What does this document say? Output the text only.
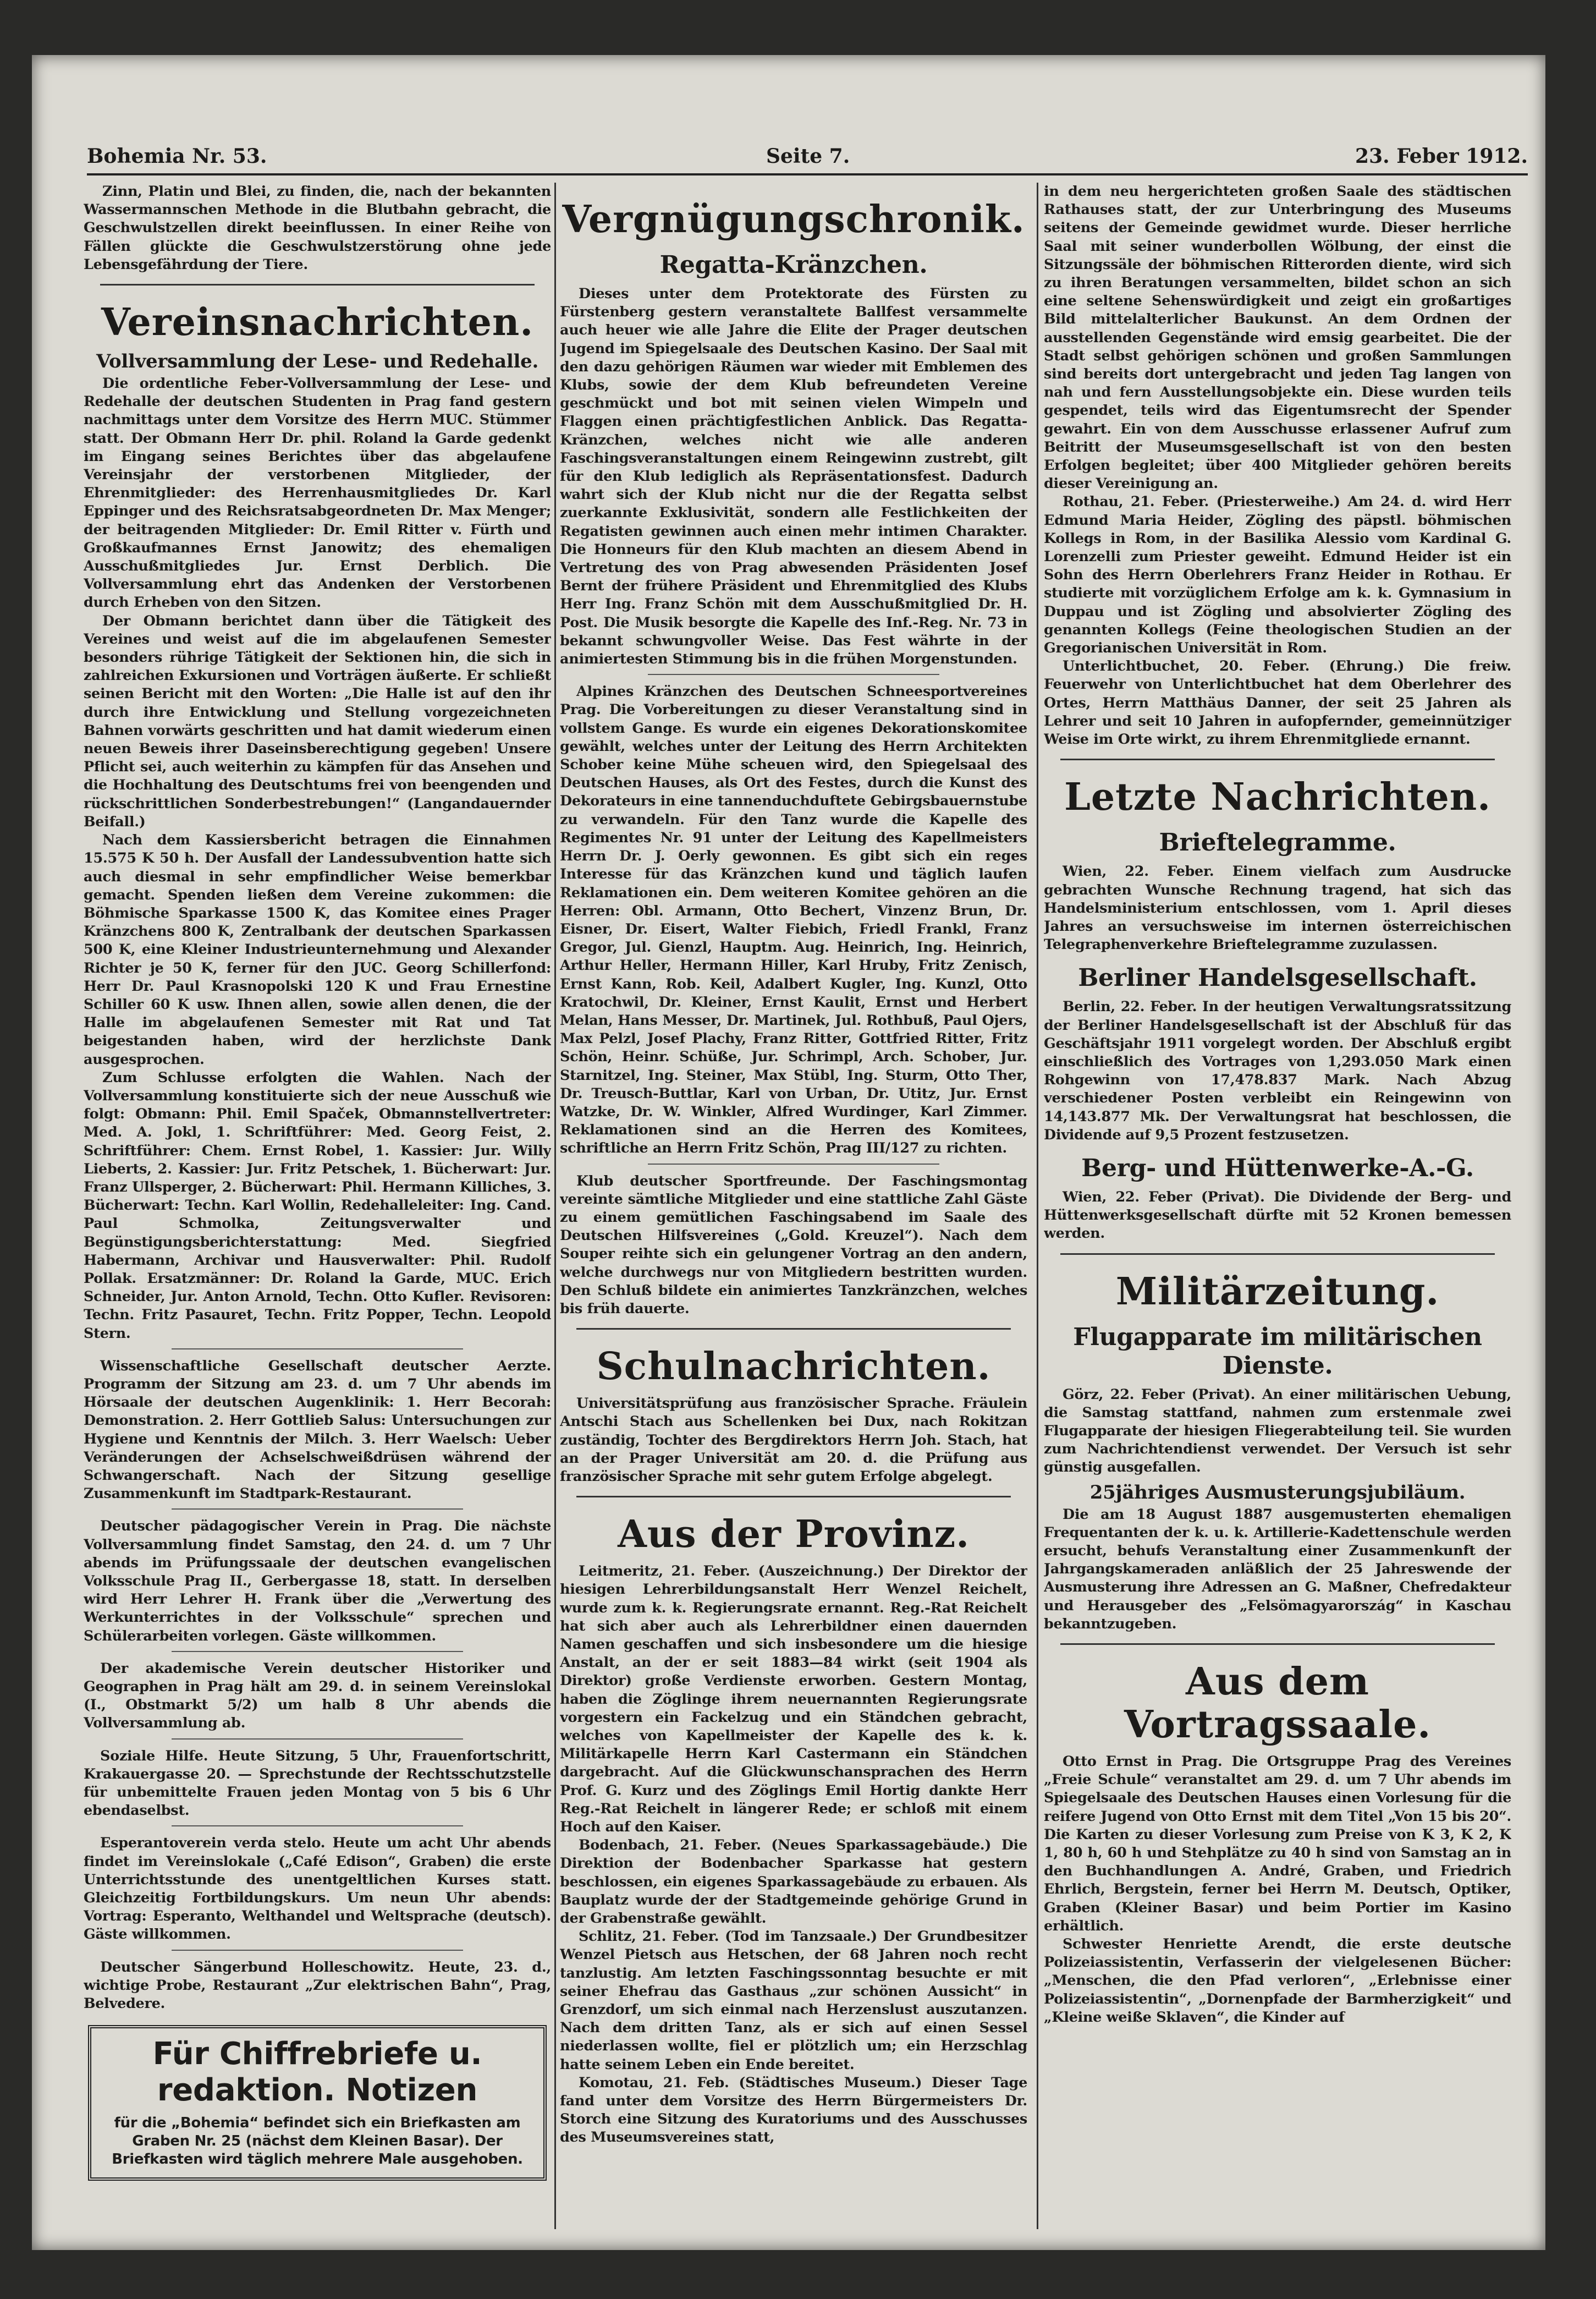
Bohemia Nr. 53.	Seite 7.	23. Feber 1912.

Zinn, Platin und Blei, zu finden, die, nach der bekannten Wassermannschen Methode in die Blutbahn gebracht, die Geschwulstzellen direkt beeinflussen. In einer Reihe von Fällen glückte die Geschwulstzerstörung ohne jede Lebensgefährdung der Tiere.

Vereinsnachrichten.
Vollversammlung der Lese- und Redehalle.

Die ordentliche Feber-Vollversammlung der Lese- und Redehalle der deutschen Studenten in Prag fand gestern nachmittags unter dem Vorsitze des Herrn MUC. Stümmer statt. Der Obmann Herr Dr. phil. Roland la Garde gedenkt im Eingang seines Berichtes über das abgelaufene Vereinsjahr der verstorbenen Mitglieder, der Ehrenmitglieder: des Herrenhausmitgliedes Dr. Karl Eppinger und des Reichsratsabgeordneten Dr. Max Menger; der beitragenden Mitglieder: Dr. Emil Ritter v. Fürth und Großkaufmannes Ernst Janowitz; des ehemaligen Ausschußmitgliedes Jur. Ernst Derblich. Die Vollversammlung ehrt das Andenken der Verstorbenen durch Erheben von den Sitzen.

Der Obmann berichtet dann über die Tätigkeit des Vereines und weist auf die im abgelaufenen Semester besonders rührige Tätigkeit der Sektionen hin, die sich in zahlreichen Exkursionen und Vorträgen äußerte. Er schließt seinen Bericht mit den Worten: „Die Halle ist auf den ihr durch ihre Entwicklung und Stellung vorgezeichneten Bahnen vorwärts geschritten und hat damit wiederum einen neuen Beweis ihrer Daseinsberechtigung gegeben! Unsere Pflicht sei, auch weiterhin zu kämpfen für das Ansehen und die Hochhaltung des Deutschtums frei von beengenden und rückschrittlichen Sonderbestrebungen!“ (Langandauernder Beifall.)

Nach dem Kassiersbericht betragen die Einnahmen 15.575 K 50 h. Der Ausfall der Landessubvention hatte sich auch diesmal in sehr empfindlicher Weise bemerkbar gemacht. Spenden ließen dem Vereine zukommen: die Böhmische Sparkasse 1500 K, das Komitee eines Prager Kränzchens 800 K, Zentralbank der deutschen Sparkassen 500 K, eine Kleiner Industrieunternehmung und Alexander Richter je 50 K, ferner für den JUC. Georg Schillerfond: Herr Dr. Paul Krasnopolski 120 K und Frau Ernestine Schiller 60 K usw. Ihnen allen, sowie allen denen, die der Halle im abgelaufenen Semester mit Rat und Tat beigestanden haben, wird der herzlichste Dank ausgesprochen.

Zum Schlusse erfolgten die Wahlen. Nach der Vollversammlung konstituierte sich der neue Ausschuß wie folgt: Obmann: Phil. Emil Spaček, Obmannstellvertreter: Med. A. Jokl, 1. Schriftführer: Med. Georg Feist, 2. Schriftführer: Chem. Ernst Robel, 1. Kassier: Jur. Willy Lieberts, 2. Kassier: Jur. Fritz Petschek, 1. Bücherwart: Jur. Franz Ullsperger, 2. Bücherwart: Phil. Hermann Killiches, 3. Bücherwart: Techn. Karl Wollin, Redehalleleiter: Ing. Cand. Paul Schmolka, Zeitungsverwalter und Begünstigungsberichterstattung: Med. Siegfried Habermann, Archivar und Hausverwalter: Phil. Rudolf Pollak. Ersatzmänner: Dr. Roland la Garde, MUC. Erich Schneider, Jur. Anton Arnold, Techn. Otto Kufler. Revisoren: Techn. Fritz Pasauret, Techn. Fritz Popper, Techn. Leopold Stern.

Wissenschaftliche Gesellschaft deutscher Aerzte. Programm der Sitzung am 23. d. um 7 Uhr abends im Hörsaale der deutschen Augenklinik: 1. Herr Becorah: Demonstration. 2. Herr Gottlieb Salus: Untersuchungen zur Hygiene und Kenntnis der Milch. 3. Herr Waelsch: Ueber Veränderungen der Achselschweißdrüsen während der Schwangerschaft. Nach der Sitzung gesellige Zusammenkunft im Stadtpark-Restaurant.

Deutscher pädagogischer Verein in Prag. Die nächste Vollversammlung findet Samstag, den 24. d. um 7 Uhr abends im Prüfungssaale der deutschen evangelischen Volksschule Prag II., Gerbergasse 18, statt. In derselben wird Herr Lehrer H. Frank über die „Verwertung des Werkunterrichtes in der Volksschule“ sprechen und Schülerarbeiten vorlegen. Gäste willkommen.

Der akademische Verein deutscher Historiker und Geographen in Prag hält am 29. d. in seinem Vereinslokal (I., Obstmarkt 5/2) um halb 8 Uhr abends die Vollversammlung ab.

Soziale Hilfe. Heute Sitzung, 5 Uhr, Frauenfortschritt, Krakauergasse 20. — Sprechstunde der Rechtsschutzstelle für unbemittelte Frauen jeden Montag von 5 bis 6 Uhr ebendaselbst.

Esperantoverein verda stelo. Heute um acht Uhr abends findet im Vereinslokale („Café Edison“, Graben) die erste Unterrichtsstunde des unentgeltlichen Kurses statt. Gleichzeitig Fortbildungskurs. Um neun Uhr abends: Vortrag: Esperanto, Welthandel und Weltsprache (deutsch). Gäste willkommen.

Deutscher Sängerbund Holleschowitz. Heute, 23. d., wichtige Probe, Restaurant „Zur elektrischen Bahn“, Prag, Belvedere.

Für Chiffrebriefe u.
redaktion. Notizen
für die „Bohemia“ befindet sich ein Briefkasten am Graben Nr. 25 (nächst dem Kleinen Basar). Der Briefkasten wird täglich mehrere Male ausgehoben.
Vergnügungschronik.
Regatta-Kränzchen.

Dieses unter dem Protektorate des Fürsten zu Fürstenberg gestern veranstaltete Ballfest versammelte auch heuer wie alle Jahre die Elite der Prager deutschen Jugend im Spiegelsaale des Deutschen Kasino. Der Saal mit den dazu gehörigen Räumen war wieder mit Emblemen des Klubs, sowie der dem Klub befreundeten Vereine geschmückt und bot mit seinen vielen Wimpeln und Flaggen einen prächtigfestlichen Anblick. Das Regatta-Kränzchen, welches nicht wie alle anderen Faschingsveranstaltungen einem Reingewinn zustrebt, gilt für den Klub lediglich als Repräsentationsfest. Dadurch wahrt sich der Klub nicht nur die der Regatta selbst zuerkannte Exklusivität, sondern alle Festlichkeiten der Regatisten gewinnen auch einen mehr intimen Charakter. Die Honneurs für den Klub machten an diesem Abend in Vertretung des von Prag abwesenden Präsidenten Josef Bernt der frühere Präsident und Ehrenmitglied des Klubs Herr Ing. Franz Schön mit dem Ausschußmitglied Dr. H. Post. Die Musik besorgte die Kapelle des Inf.-Reg. Nr. 73 in bekannt schwungvoller Weise. Das Fest währte in der animiertesten Stimmung bis in die frühen Morgenstunden.

Alpines Kränzchen des Deutschen Schneesportvereines Prag. Die Vorbereitungen zu dieser Veranstaltung sind in vollstem Gange. Es wurde ein eigenes Dekorationskomitee gewählt, welches unter der Leitung des Herrn Architekten Schober keine Mühe scheuen wird, den Spiegelsaal des Deutschen Hauses, als Ort des Festes, durch die Kunst des Dekorateurs in eine tannenduchduftete Gebirgsbauernstube zu verwandeln. Für den Tanz wurde die Kapelle des Regimentes Nr. 91 unter der Leitung des Kapellmeisters Herrn Dr. J. Oerly gewonnen. Es gibt sich ein reges Interesse für das Kränzchen kund und täglich laufen Reklamationen ein. Dem weiteren Komitee gehören an die Herren: Obl. Armann, Otto Bechert, Vinzenz Brun, Dr. Eisner, Dr. Eisert, Walter Fiebich, Friedl Frankl, Franz Gregor, Jul. Gienzl, Hauptm. Aug. Heinrich, Ing. Heinrich, Arthur Heller, Hermann Hiller, Karl Hruby, Fritz Zenisch, Ernst Kann, Rob. Keil, Adalbert Kugler, Ing. Kunzl, Otto Kratochwil, Dr. Kleiner, Ernst Kaulit, Ernst und Herbert Melan, Hans Messer, Dr. Martinek, Jul. Rothbuß, Paul Ojers, Max Pelzl, Josef Plachy, Franz Ritter, Gottfried Ritter, Fritz Schön, Heinr. Schüße, Jur. Schrimpl, Arch. Schober, Jur. Starnitzel, Ing. Steiner, Max Stübl, Ing. Sturm, Otto Ther, Dr. Treusch-Buttlar, Karl von Urban, Dr. Utitz, Jur. Ernst Watzke, Dr. W. Winkler, Alfred Wurdinger, Karl Zimmer. Reklamationen sind an die Herren des Komitees, schriftliche an Herrn Fritz Schön, Prag III/127 zu richten.

Klub deutscher Sportfreunde. Der Faschingsmontag vereinte sämtliche Mitglieder und eine stattliche Zahl Gäste zu einem gemütlichen Faschingsabend im Saale des Deutschen Hilfsvereines („Gold. Kreuzel“). Nach dem Souper reihte sich ein gelungener Vortrag an den andern, welche durchwegs nur von Mitgliedern bestritten wurden. Den Schluß bildete ein animiertes Tanzkränzchen, welches bis früh dauerte.

Schulnachrichten.

Universitätsprüfung aus französischer Sprache. Fräulein Antschi Stach aus Schellenken bei Dux, nach Rokitzan zuständig, Tochter des Bergdirektors Herrn Joh. Stach, hat an der Prager Universität am 20. d. die Prüfung aus französischer Sprache mit sehr gutem Erfolge abgelegt.

Aus der Provinz.

Leitmeritz, 21. Feber. (Auszeichnung.) Der Direktor der hiesigen Lehrerbildungsanstalt Herr Wenzel Reichelt, wurde zum k. k. Regierungsrate ernannt. Reg.-Rat Reichelt hat sich aber auch als Lehrerbildner einen dauernden Namen geschaffen und sich insbesondere um die hiesige Anstalt, an der er seit 1883—84 wirkt (seit 1904 als Direktor) große Verdienste erworben. Gestern Montag, haben die Zöglinge ihrem neuernannten Regierungsrate vorgestern ein Fackelzug und ein Ständchen gebracht, welches von Kapellmeister der Kapelle des k. k. Militärkapelle Herrn Karl Castermann ein Ständchen dargebracht. Auf die Glückwunschansprachen des Herrn Prof. G. Kurz und des Zöglings Emil Hortig dankte Herr Reg.-Rat Reichelt in längerer Rede; er schloß mit einem Hoch auf den Kaiser.

Bodenbach, 21. Feber. (Neues Sparkassagebäude.) Die Direktion der Bodenbacher Sparkasse hat gestern beschlossen, ein eigenes Sparkassagebäude zu erbauen. Als Bauplatz wurde der der Stadtgemeinde gehörige Grund in der Grabenstraße gewählt.

Schlitz, 21. Feber. (Tod im Tanzsaale.) Der Grundbesitzer Wenzel Pietsch aus Hetschen, der 68 Jahren noch recht tanzlustig. Am letzten Faschingssonntag besuchte er mit seiner Ehefrau das Gasthaus „zur schönen Aussicht“ in Grenzdorf, um sich einmal nach Herzenslust auszutanzen. Nach dem dritten Tanz, als er sich auf einen Sessel niederlassen wollte, fiel er plötzlich um; ein Herzschlag hatte seinem Leben ein Ende bereitet.

Komotau, 21. Feb. (Städtisches Museum.) Dieser Tage fand unter dem Vorsitze des Herrn Bürgermeisters Dr. Storch eine Sitzung des Kuratoriums und des Ausschusses des Museumsvereines statt,

in dem neu hergerichteten großen Saale des städtischen Rathauses statt, der zur Unterbringung des Museums seitens der Gemeinde gewidmet wurde. Dieser herrliche Saal mit seiner wunderbollen Wölbung, der einst die Sitzungssäle der böhmischen Ritterorden diente, wird sich zu ihren Beratungen versammelten, bildet schon an sich eine seltene Sehenswürdigkeit und zeigt ein großartiges Bild mittelalterlicher Baukunst. An dem Ordnen der ausstellenden Gegenstände wird emsig gearbeitet. Die der Stadt selbst gehörigen schönen und großen Sammlungen sind bereits dort untergebracht und jeden Tag langen von nah und fern Ausstellungsobjekte ein. Diese wurden teils gespendet, teils wird das Eigentumsrecht der Spender gewahrt. Ein von dem Ausschusse erlassener Aufruf zum Beitritt der Museumsgesellschaft ist von den besten Erfolgen begleitet; über 400 Mitglieder gehören bereits dieser Vereinigung an.

Rothau, 21. Feber. (Priesterweihe.) Am 24. d. wird Herr Edmund Maria Heider, Zögling des päpstl. böhmischen Kollegs in Rom, in der Basilika Alessio vom Kardinal G. Lorenzelli zum Priester geweiht. Edmund Heider ist ein Sohn des Herrn Oberlehrers Franz Heider in Rothau. Er studierte mit vorzüglichem Erfolge am k. k. Gymnasium in Duppau und ist Zögling und absolvierter Zögling des genannten Kollegs (Feine theologischen Studien an der Gregorianischen Universität in Rom.

Unterlichtbuchet, 20. Feber. (Ehrung.) Die freiw. Feuerwehr von Unterlichtbuchet hat dem Oberlehrer des Ortes, Herrn Matthäus Danner, der seit 25 Jahren als Lehrer und seit 10 Jahren in aufopfernder, gemeinnütziger Weise im Orte wirkt, zu ihrem Ehrenmitgliede ernannt.

Letzte Nachrichten.
Brieftelegramme.

Wien, 22. Feber. Einem vielfach zum Ausdrucke gebrachten Wunsche Rechnung tragend, hat sich das Handelsministerium entschlossen, vom 1. April dieses Jahres an versuchsweise im internen österreichischen Telegraphenverkehre Brieftelegramme zuzulassen.

Berliner Handelsgesellschaft.

Berlin, 22. Feber. In der heutigen Verwaltungsratssitzung der Berliner Handelsgesellschaft ist der Abschluß für das Geschäftsjahr 1911 vorgelegt worden. Der Abschluß ergibt einschließlich des Vortrages von 1,293.050 Mark einen Rohgewinn von 17,478.837 Mark. Nach Abzug verschiedener Posten verbleibt ein Reingewinn von 14,143.877 Mk. Der Verwaltungsrat hat beschlossen, die Dividende auf 9,5 Prozent festzusetzen.

Berg- und Hüttenwerke-A.-G.

Wien, 22. Feber (Privat). Die Dividende der Berg- und Hüttenwerksgesellschaft dürfte mit 52 Kronen bemessen werden.

Militärzeitung.
Flugapparate im militärischen Dienste.

Görz, 22. Feber (Privat). An einer militärischen Uebung, die Samstag stattfand, nahmen zum erstenmale zwei Flugapparate der hiesigen Fliegerabteilung teil. Sie wurden zum Nachrichtendienst verwendet. Der Versuch ist sehr günstig ausgefallen.

25jähriges Ausmusterungsjubiläum.

Die am 18 August 1887 ausgemusterten ehemaligen Frequentanten der k. u. k. Artillerie-Kadettenschule werden ersucht, behufs Veranstaltung einer Zusammenkunft der Jahrgangskameraden anläßlich der 25 Jahreswende der Ausmusterung ihre Adressen an G. Maßner, Chefredakteur und Herausgeber des „Felsömagyarország“ in Kaschau bekanntzugeben.

Aus dem Vortragssaale.

Otto Ernst in Prag. Die Ortsgruppe Prag des Vereines „Freie Schule“ veranstaltet am 29. d. um 7 Uhr abends im Spiegelsaale des Deutschen Hauses einen Vorlesung für die reifere Jugend von Otto Ernst mit dem Titel „Von 15 bis 20“. Die Karten zu dieser Vorlesung zum Preise von K 3, K 2, K 1, 80 h, 60 h und Stehplätze zu 40 h sind von Samstag an in den Buchhandlungen A. André, Graben, und Friedrich Ehrlich, Bergstein, ferner bei Herrn M. Deutsch, Optiker, Graben (Kleiner Basar) und beim Portier im Kasino erhältlich.

Schwester Henriette Arendt, die erste deutsche Polizeiassistentin, Verfasserin der vielgelesenen Bücher: „Menschen, die den Pfad verloren“, „Erlebnisse einer Polizeiassistentin“, „Dornenpfade der Barmherzigkeit“ und „Kleine weiße Sklaven“, die Kinder auf
